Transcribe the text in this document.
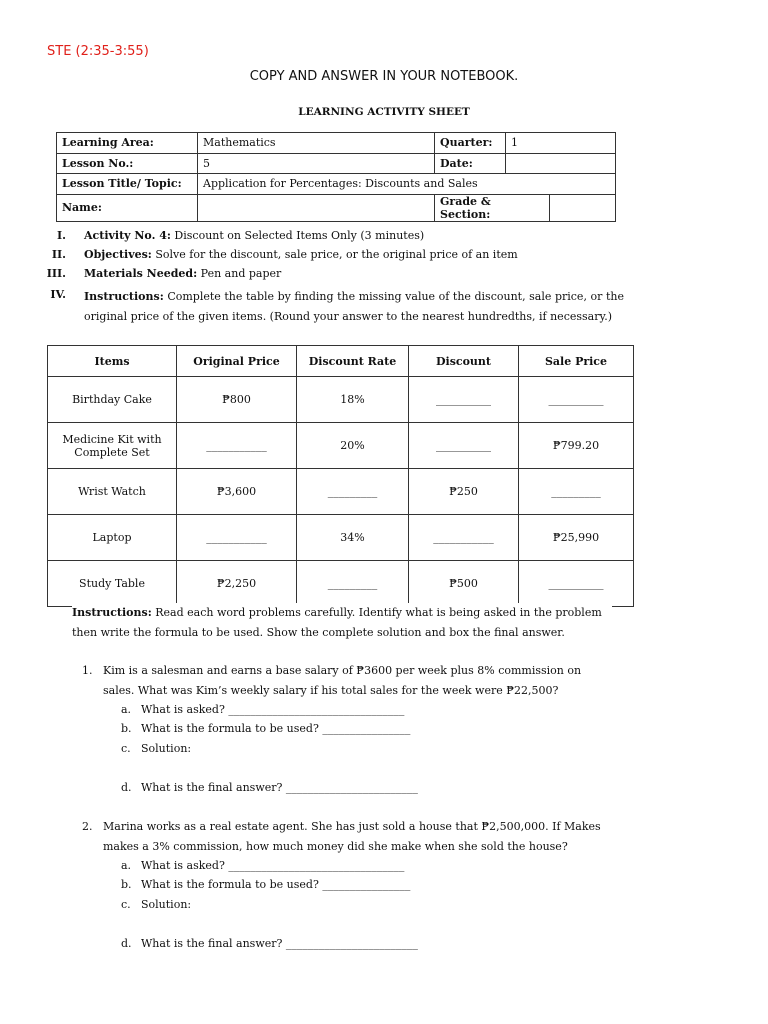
STE (2:35-3:55)
COPY AND ANSWER IN YOUR NOTEBOOK.
LEARNING ACTIVITY SHEET
Learning Area:	Mathematics	Quarter:	1	
Lesson No.:	5	Date:		
Lesson Title/ Topic:	Application for Percentages: Discounts and Sales			
Name:		Grade & Section:		
I. Activity No. 4: Discount on Selected Items Only (3 minutes)
II. Objectives: Solve for the discount, sale price, or the original price of an item
III. Materials Needed: Pen and paper
IV. Instructions: Complete the table by finding the missing value of the discount, sale price, or the original price of the given items. (Round your answer to the nearest hundredths, if necessary.)
Items	Original Price	Discount Rate	Discount	Sale Price
Birthday Cake	₱800	18%	__________	__________
Medicine Kit with Complete Set	___________	20%	__________	₱799.20
Wrist Watch	₱3,600	_________	₱250	_________
Laptop	___________	34%	___________	₱25,990
Study Table	₱2,250	_________	₱500	__________
Instructions: Read each word problems carefully. Identify what is being asked in the problem then write the formula to be used. Show the complete solution and box the final answer.
1. Kim is a salesman and earns a base salary of ₱3600 per week plus 8% commission on sales. What was Kim’s weekly salary if his total sales for the week were ₱22,500?
a. What is asked? ________________________________
b. What is the formula to be used? ________________
c. Solution:
d. What is the final answer? ________________________
2. Marina works as a real estate agent. She has just sold a house that ₱2,500,000. If Makes makes a 3% commission, how much money did she make when she sold the house?
a. What is asked? ________________________________
b. What is the formula to be used? ________________
c. Solution:
d. What is the final answer? ________________________
